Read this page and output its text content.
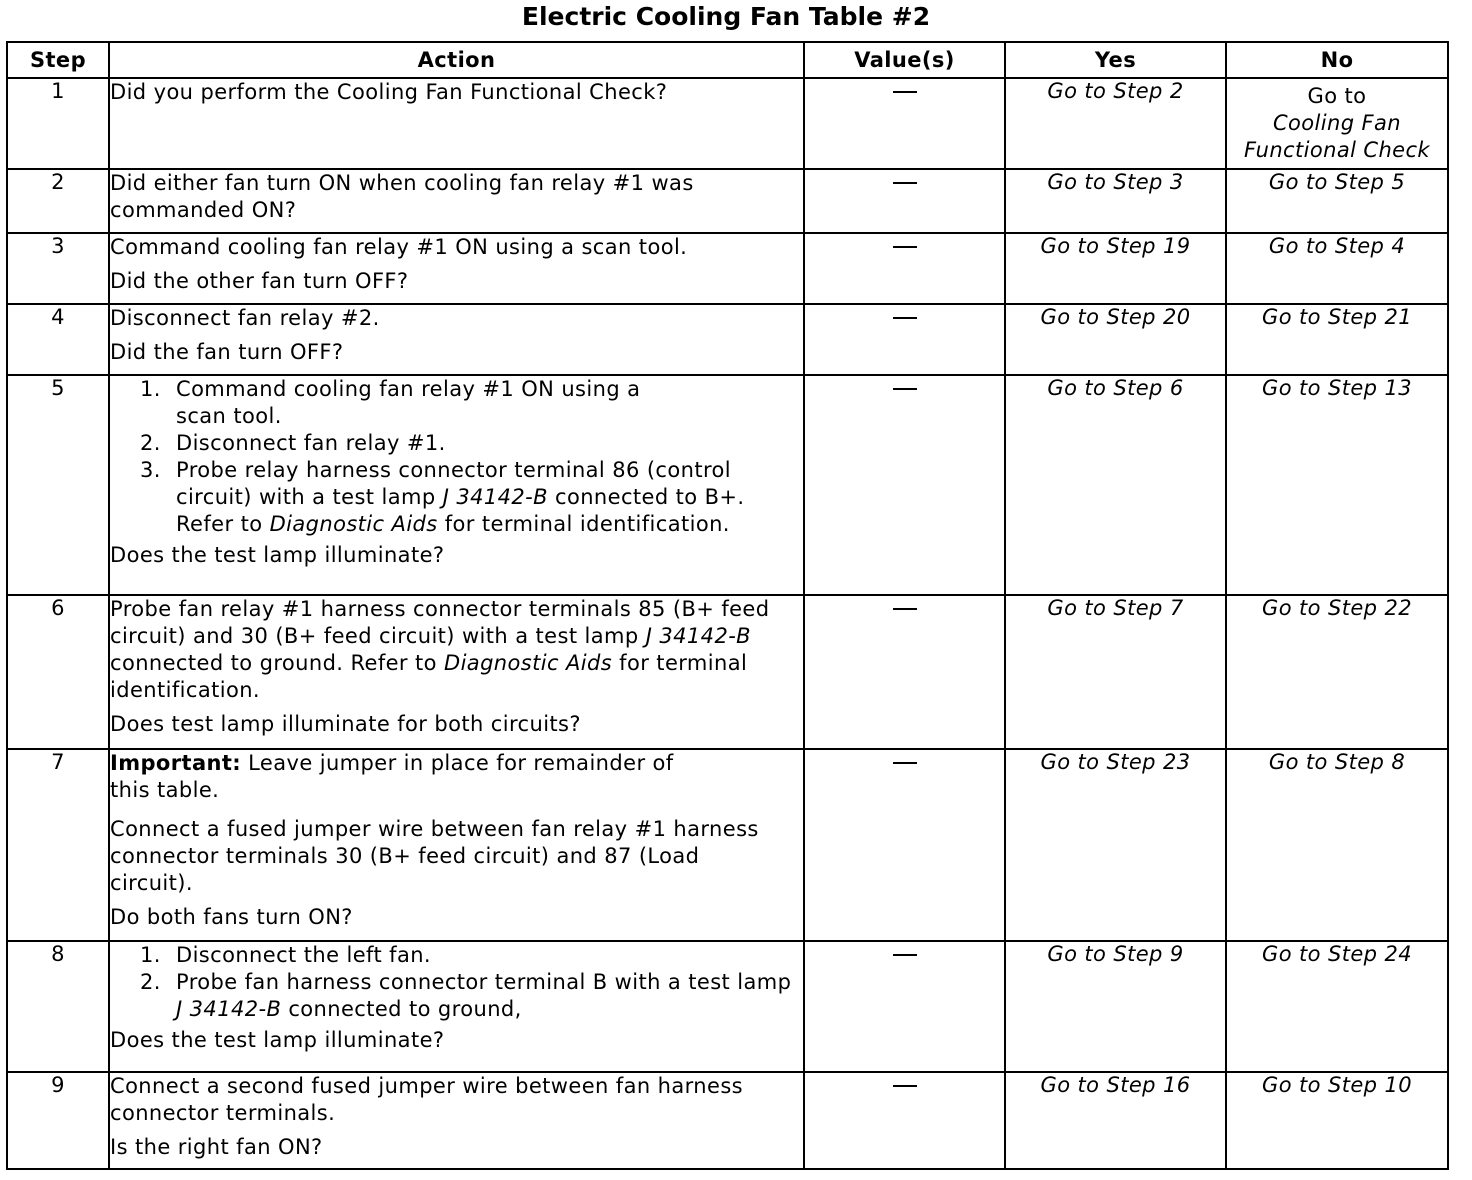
Electric Cooling Fan Table #2
Step	Action	Value(s)	Yes	No
1	Did you perform the Cooling Fan Functional Check?		Go to Step 2	Go to
Cooling Fan
Functional Check

2	Did either fan turn ON when cooling fan relay #1 was commanded ON?		Go to Step 3	Go to Step 5
3	Command cooling fan relay #1 ON using a scan tool.

Did the other fan turn OFF?		Go to Step 19	Go to Step 4
4	Disconnect fan relay #2.

Did the fan turn OFF?		Go to Step 20	Go to Step 21
5	1. Command cooling fan relay #1 ON using a scan tool.

2. Disconnect fan relay #1.

3. Probe relay harness connector terminal 86 (control circuit) with a test lamp J 34142-B connected to B+. Refer to Diagnostic Aids for terminal identification.

Does the test lamp illuminate?		Go to Step 6	Go to Step 13
6	Probe fan relay #1 harness connector terminals 85 (B+ feed circuit) and 30 (B+ feed circuit) with a test lamp J 34142-B connected to ground. Refer to Diagnostic Aids for terminal identification.

Does test lamp illuminate for both circuits?		Go to Step 7	Go to Step 22
7	Important: Leave jumper in place for remainder of this table.

Connect a fused jumper wire between fan relay #1 harness connector terminals 30 (B+ feed circuit) and 87 (Load circuit).

Do both fans turn ON?		Go to Step 23	Go to Step 8
8	1. Disconnect the left fan.

2. Probe fan harness connector terminal B with a test lamp J 34142-B connected to ground,

Does the test lamp illuminate?		Go to Step 9	Go to Step 24
9	Connect a second fused jumper wire between fan harness connector terminals.

Is the right fan ON?		Go to Step 16	Go to Step 10
